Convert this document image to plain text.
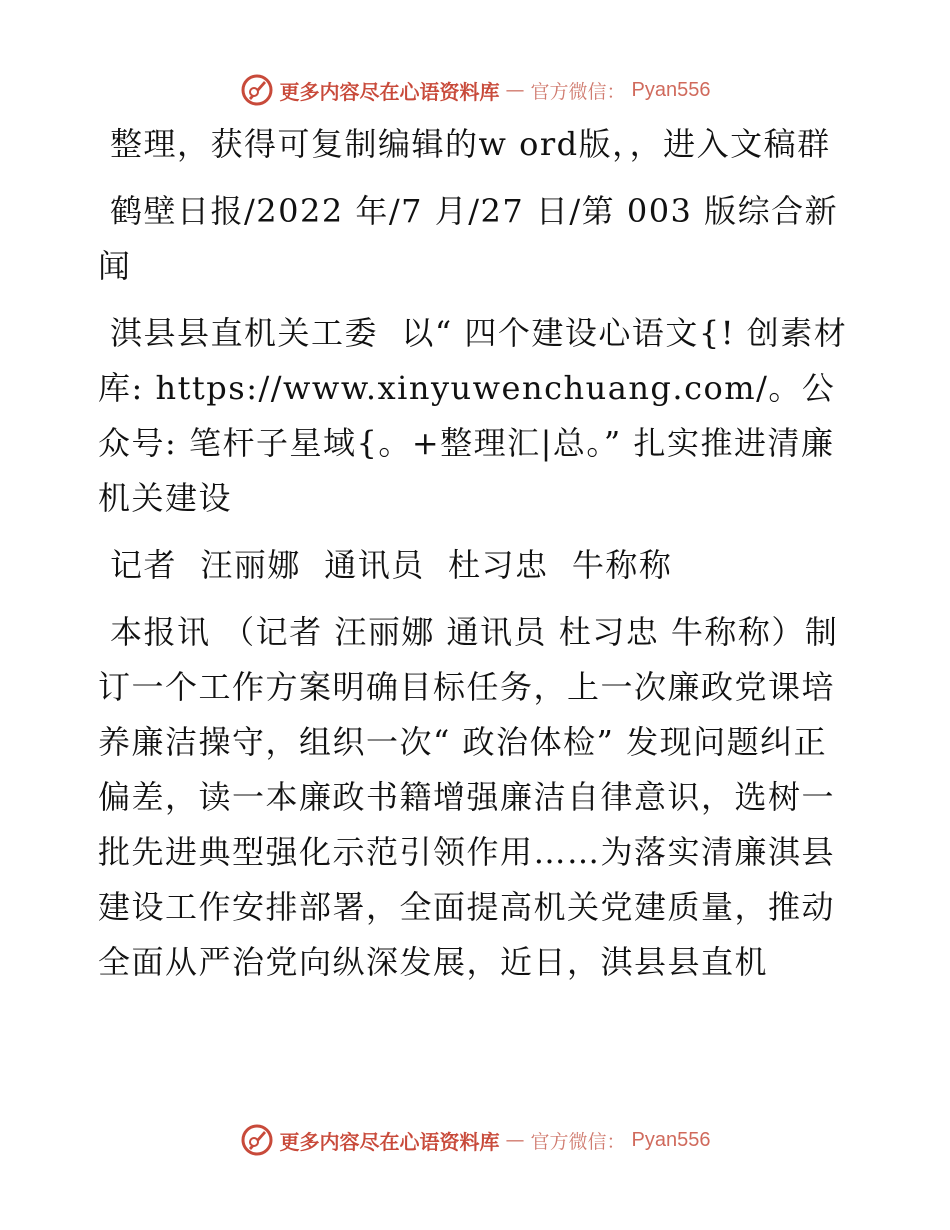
更多内容尽在心语资料库 — 官方微信： Pyan556

整理，获得可复制编辑的w ord版，，进入文稿群

鹤壁日报/2022 年/7 月/27 日/第 003 版综合新闻

淇县县直机关工委  以“ 四个建设心语文{! 创素材库: https://www.xinyuwenchuang.com/。公众号: 笔杆子星域{。+整理汇|总。” 扎实推进清廉机关建设

记者  汪丽娜  通讯员  杜习忠  牛称称

本报讯 （记者 汪丽娜 通讯员 杜习忠 牛称称）制订一个工作方案明确目标任务，上一次廉政党课培养廉洁操守，组织一次“ 政治体检” 发现问题纠正偏差，读一本廉政书籍增强廉洁自律意识，选树一批先进典型强化示范引领作用……为落实清廉淇县建设工作安排部署，全面提高机关党建质量，推动全面从严治党向纵深发展，近日，淇县县直机

更多内容尽在心语资料库 — 官方微信： Pyan556
